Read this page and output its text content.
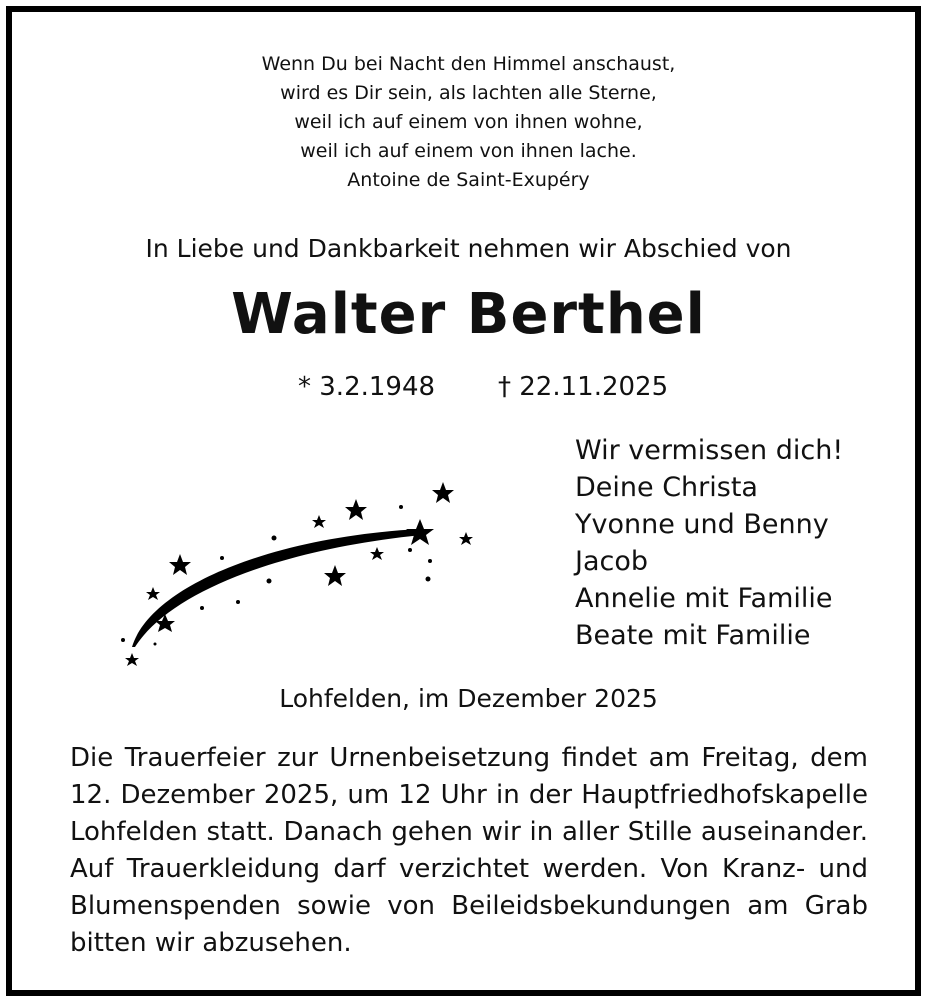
Wenn Du bei Nacht den Himmel anschaust,
wird es Dir sein, als lachten alle Sterne,
weil ich auf einem von ihnen wohne,
weil ich auf einem von ihnen lache.
Antoine de Saint-Exupéry
In Liebe und Dankbarkeit nehmen wir Abschied von
Walter Berthel
* 3.2.1948 † 22.11.2025
Wir vermissen dich!
Deine Christa
Yvonne und Benny
Jacob
Annelie mit Familie
Beate mit Familie
Lohfelden, im Dezember 2025
Die Trauerfeier zur Urnenbeisetzung findet am Freitag, dem 12. Dezember 2025, um 12 Uhr in der Hauptfriedhofskapelle Lohfelden statt. Danach gehen wir in aller Stille auseinander. Auf Trauerkleidung darf verzichtet werden. Von Kranz- und Blumenspenden sowie von Beileidsbekundungen am Grab bitten wir abzusehen.
